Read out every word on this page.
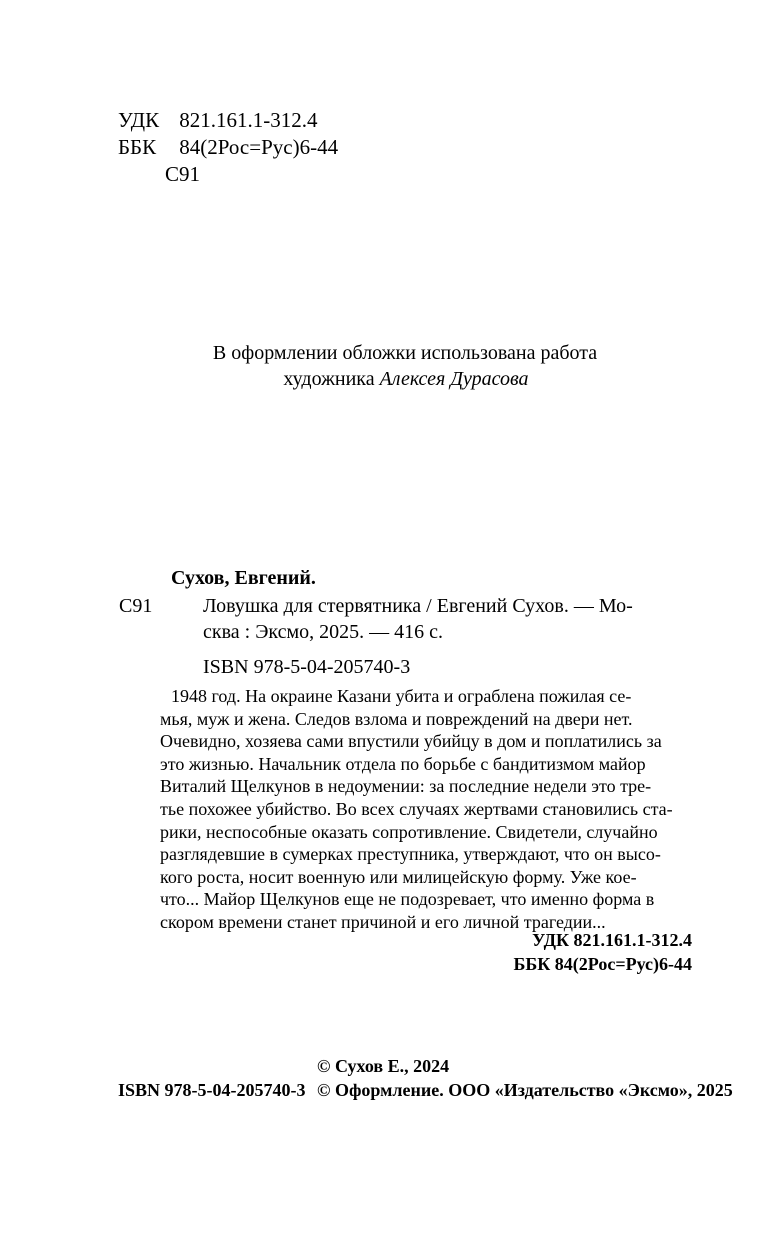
УДК 821.161.1-312.4
ББК 84(2Рос=Рус)6-44
С91
В оформлении обложки использована работа
художника Алексея Дурасова
Сухов, Евгений.
С91	Ловушка для стервятника / Евгений Сухов. — Мо-
сква : Эксмо, 2025. — 416 с.
ISBN 978-5-04-205740-3
1948 год. На окраине Казани убита и ограблена пожилая се-
мья, муж и жена. Следов взлома и повреждений на двери нет.
Очевидно, хозяева сами впустили убийцу в дом и поплатились за
это жизнью. Начальник отдела по борьбе с бандитизмом майор
Виталий Щелкунов в недоумении: за последние недели это тре-
тье похожее убийство. Во всех случаях жертвами становились ста-
рики, неспособные оказать сопротивление. Свидетели, случайно
разглядевшие в сумерках преступника, утверждают, что он высо-
кого роста, носит военную или милицейскую форму. Уже кое-
что... Майор Щелкунов еще не подозревает, что именно форма в
скором времени станет причиной и его личной трагедии...
УДК 821.161.1-312.4
ББК 84(2Рос=Рус)6-44
© Сухов Е., 2024
ISBN 978-5-04-205740-3 © Оформление. ООО «Издательство «Эксмо», 2025
